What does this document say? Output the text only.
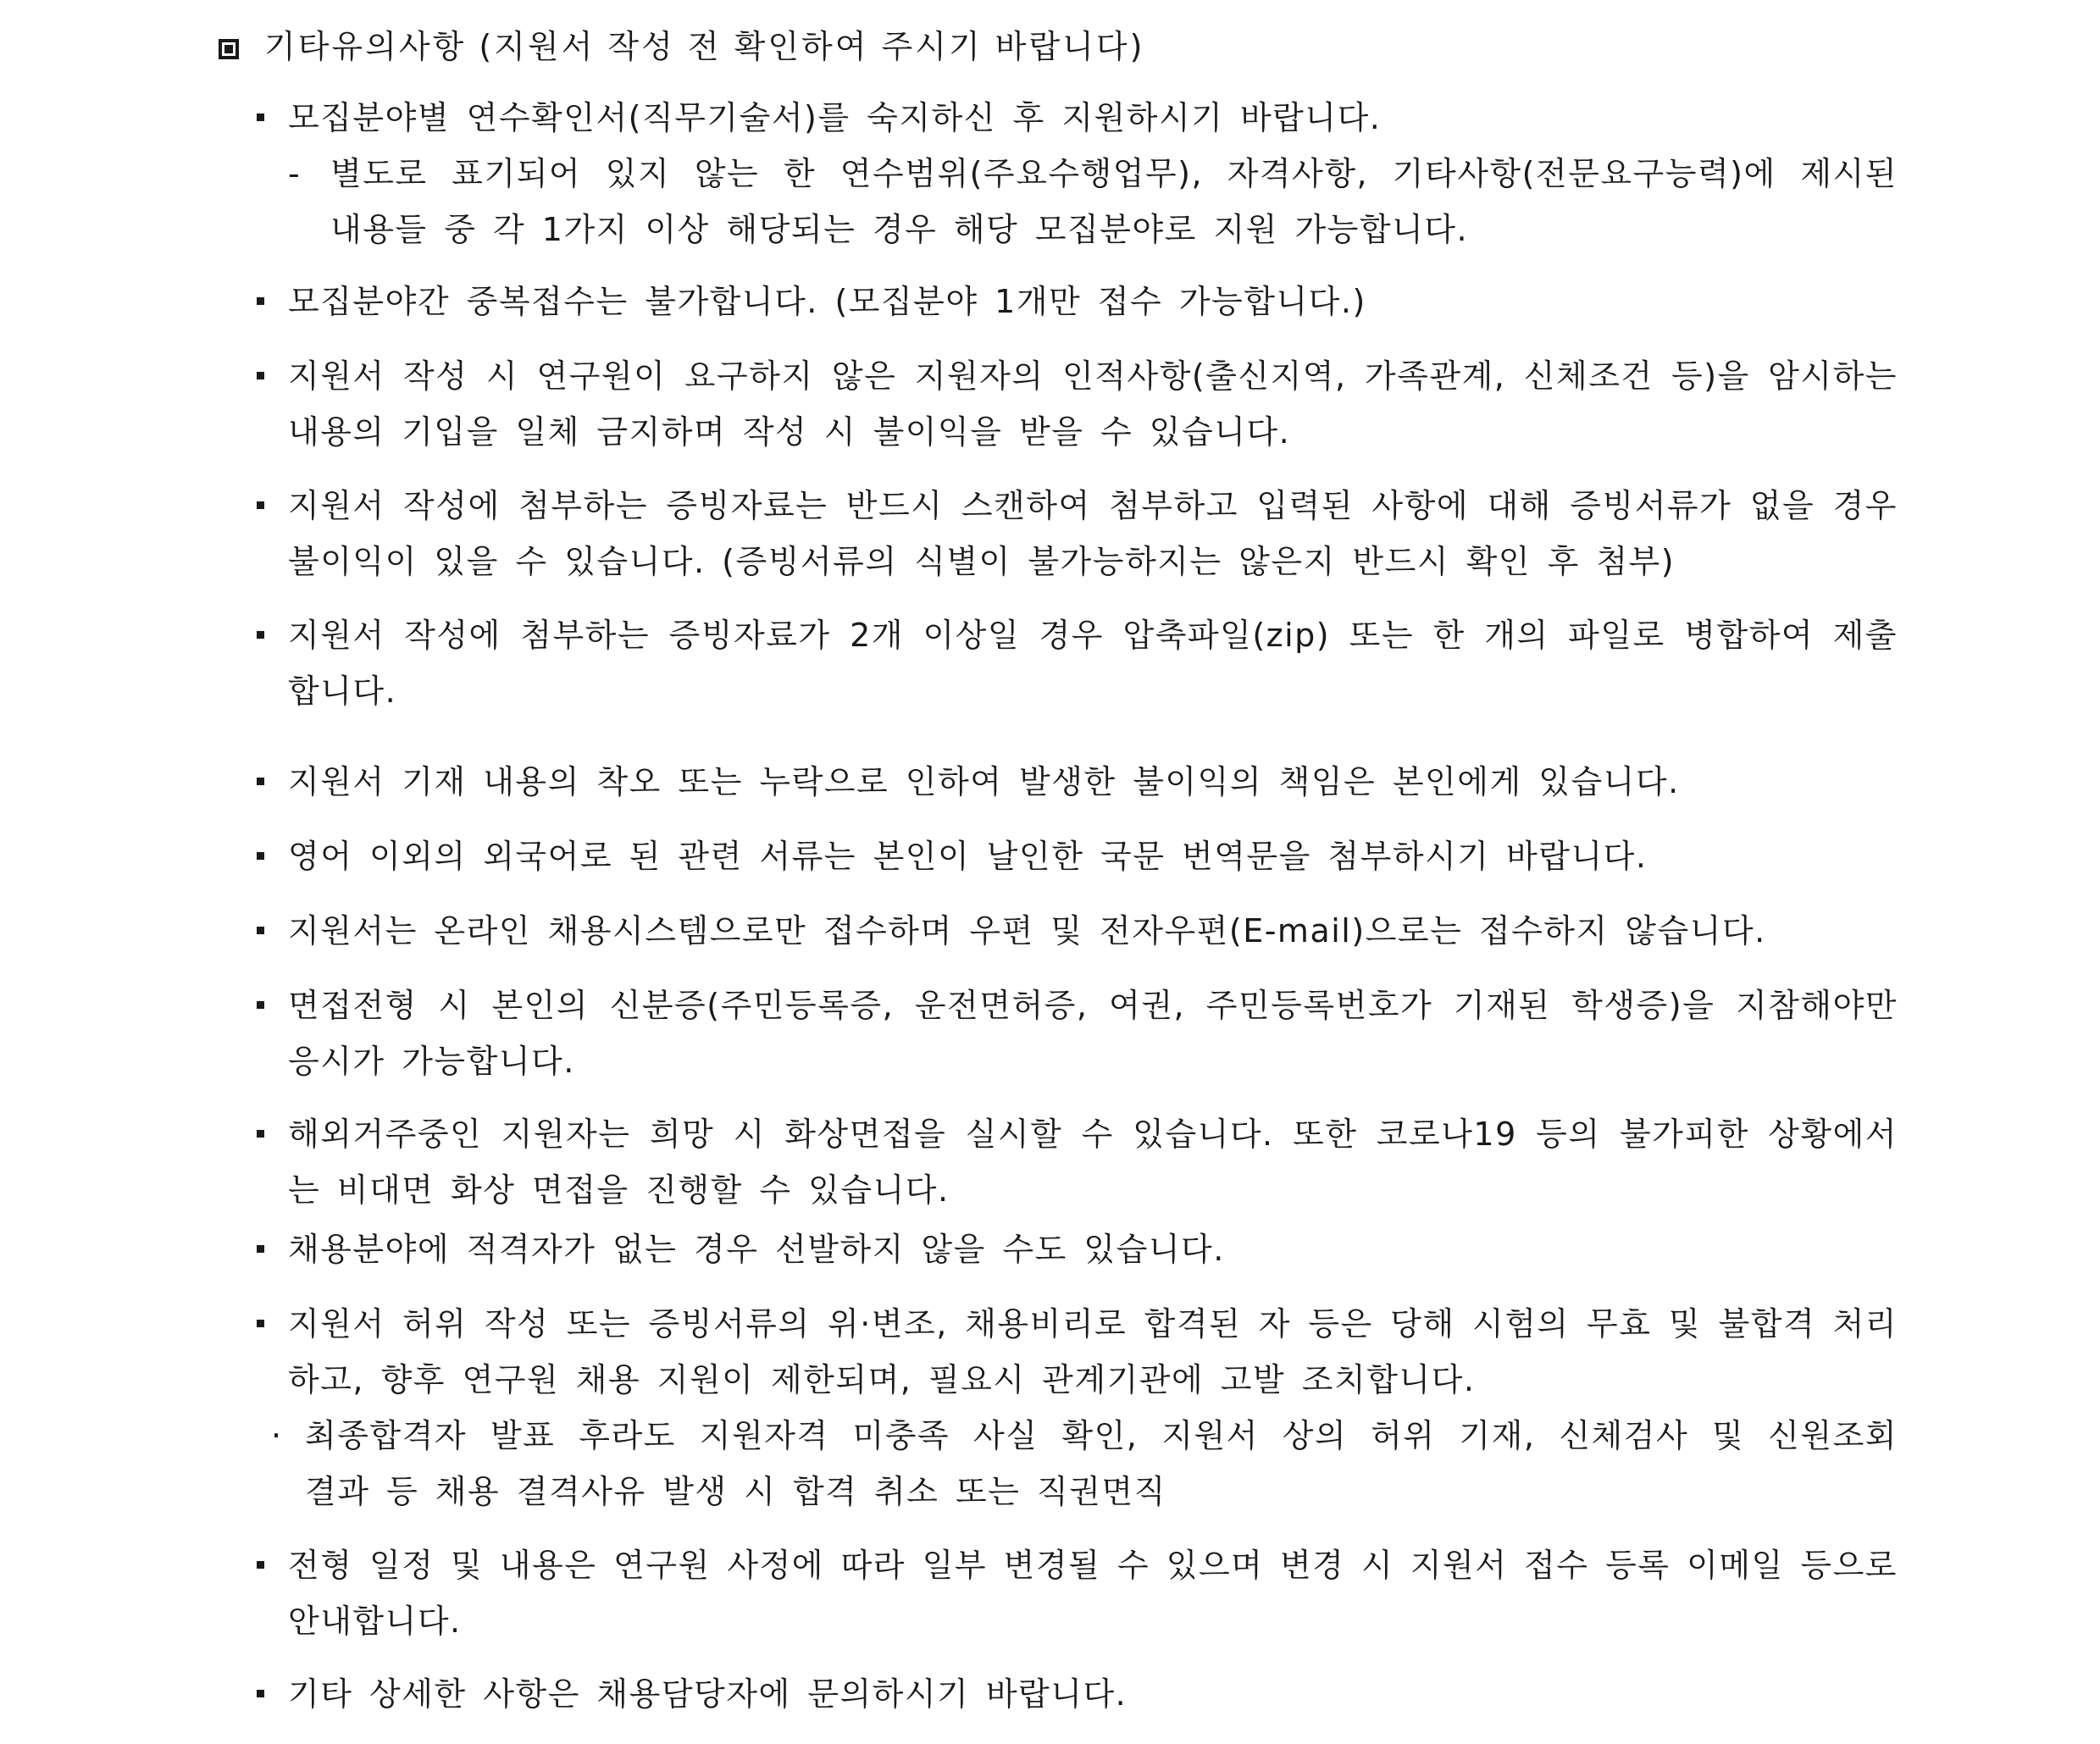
기타유의사항 (지원서 작성 전 확인하여 주시기 바랍니다)
모집분야별 연수확인서(직무기술서)를 숙지하신 후 지원하시기 바랍니다.
- 별도로 표기되어 있지 않는 한 연수범위(주요수행업무), 자격사항, 기타사항(전문요구능력)에 제시된
내용들 중 각 1가지 이상 해당되는 경우 해당 모집분야로 지원 가능합니다.
모집분야간 중복접수는 불가합니다. (모집분야 1개만 접수 가능합니다.)
지원서 작성 시 연구원이 요구하지 않은 지원자의 인적사항(출신지역, 가족관계, 신체조건 등)을 암시하는 내용의 기입을 일체 금지하며 작성 시 불이익을 받을 수 있습니다.
지원서 작성에 첨부하는 증빙자료는 반드시 스캔하여 첨부하고 입력된 사항에 대해 증빙서류가 없을 경우 불이익이 있을 수 있습니다. (증빙서류의 식별이 불가능하지는 않은지 반드시 확인 후 첨부)
지원서 작성에 첨부하는 증빙자료가 2개 이상일 경우 압축파일(zip) 또는 한 개의 파일로 병합하여 제출합니다.
지원서 기재 내용의 착오 또는 누락으로 인하여 발생한 불이익의 책임은 본인에게 있습니다.
영어 이외의 외국어로 된 관련 서류는 본인이 날인한 국문 번역문을 첨부하시기 바랍니다.
지원서는 온라인 채용시스템으로만 접수하며 우편 및 전자우편(E-mail)으로는 접수하지 않습니다.
면접전형 시 본인의 신분증(주민등록증, 운전면허증, 여권, 주민등록번호가 기재된 학생증)을 지참해야만 응시가 가능합니다.
해외거주중인 지원자는 희망 시 화상면접을 실시할 수 있습니다. 또한 코로나19 등의 불가피한 상황에서는 비대면 화상 면접을 진행할 수 있습니다.
채용분야에 적격자가 없는 경우 선발하지 않을 수도 있습니다.
지원서 허위 작성 또는 증빙서류의 위·변조, 채용비리로 합격된 자 등은 당해 시험의 무효 및 불합격 처리하고, 향후 연구원 채용 지원이 제한되며, 필요시 관계기관에 고발 조치합니다.
· 최종합격자 발표 후라도 지원자격 미충족 사실 확인, 지원서 상의 허위 기재, 신체검사 및 신원조회
결과 등 채용 결격사유 발생 시 합격 취소 또는 직권면직
전형 일정 및 내용은 연구원 사정에 따라 일부 변경될 수 있으며 변경 시 지원서 접수 등록 이메일 등으로 안내합니다.
기타 상세한 사항은 채용담당자에 문의하시기 바랍니다.
